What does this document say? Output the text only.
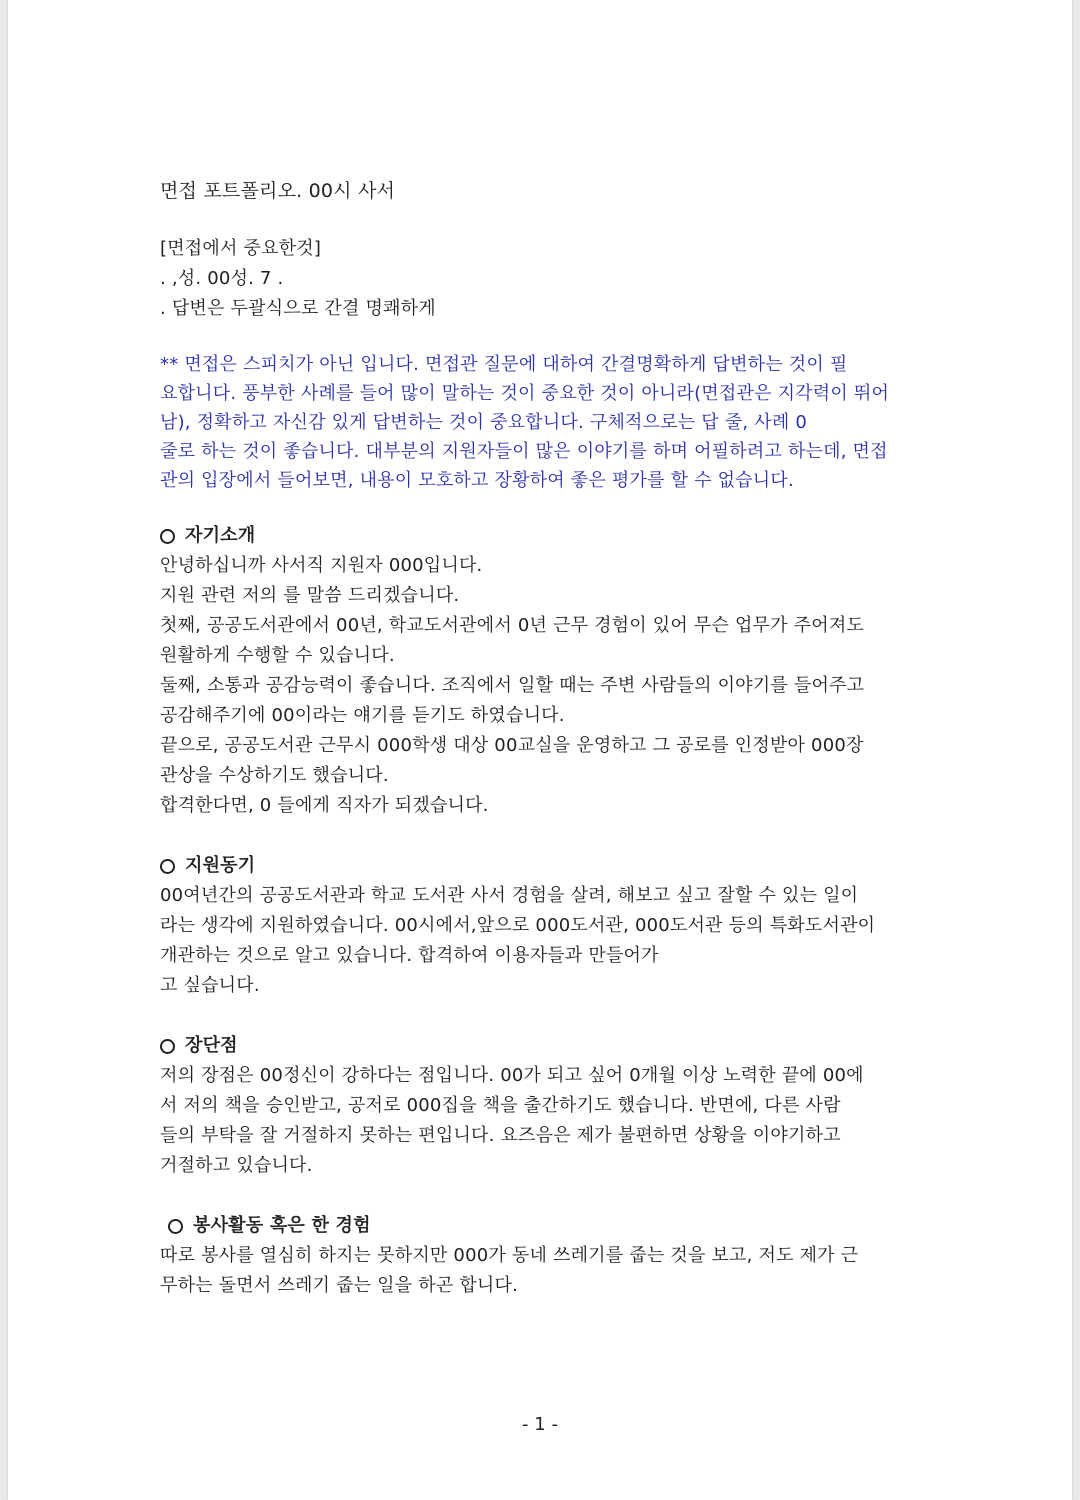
면접 포트폴리오. 00시 사서

[면접에서 중요한것]

. ,성. 00성. 7 .

. 답변은 두괄식으로 간결 명쾌하게

** 면접은 스피치가 아닌 입니다. 면접관 질문에 대하여 간결명확하게 답변하는 것이 필

요합니다. 풍부한 사례를 들어 많이 말하는 것이 중요한 것이 아니라(면접관은 지각력이 뛰어

남), 정확하고 자신감 있게 답변하는 것이 중요합니다. 구체적으로는 답 줄, 사례 0

줄로 하는 것이 좋습니다. 대부분의 지원자들이 많은 이야기를 하며 어필하려고 하는데, 면접

관의 입장에서 들어보면, 내용이 모호하고 장황하여 좋은 평가를 할 수 없습니다.

자기소개

안녕하십니까 사서직 지원자 000입니다.

지원 관련 저의 를 말씀 드리겠습니다.

첫째, 공공도서관에서 00년, 학교도서관에서 0년 근무 경험이 있어 무슨 업무가 주어져도

원활하게 수행할 수 있습니다.

둘째, 소통과 공감능력이 좋습니다. 조직에서 일할 때는 주변 사람들의 이야기를 들어주고

공감해주기에 00이라는 얘기를 듣기도 하였습니다.

끝으로, 공공도서관 근무시 000학생 대상 00교실을 운영하고 그 공로를 인정받아 000장

관상을 수상하기도 했습니다.

합격한다면, 0 들에게 직자가 되겠습니다.

지원동기

00여년간의 공공도서관과 학교 도서관 사서 경험을 살려, 해보고 싶고 잘할 수 있는 일이

라는 생각에 지원하였습니다. 00시에서,앞으로 000도서관, 000도서관 등의 특화도서관이

개관하는 것으로 알고 있습니다. 합격하여 이용자들과 만들어가

고 싶습니다.

장단점

저의 장점은 00정신이 강하다는 점입니다. 00가 되고 싶어 0개월 이상 노력한 끝에 00에

서 저의 책을 승인받고, 공저로 000집을 책을 출간하기도 했습니다. 반면에, 다른 사람

들의 부탁을 잘 거절하지 못하는 편입니다. 요즈음은 제가 불편하면 상황을 이야기하고

거절하고 있습니다.

봉사활동 혹은 한 경험

따로 봉사를 열심히 하지는 못하지만 000가 동네 쓰레기를 줍는 것을 보고, 저도 제가 근

무하는 돌면서 쓰레기 줍는 일을 하곤 합니다.

- 1 -
